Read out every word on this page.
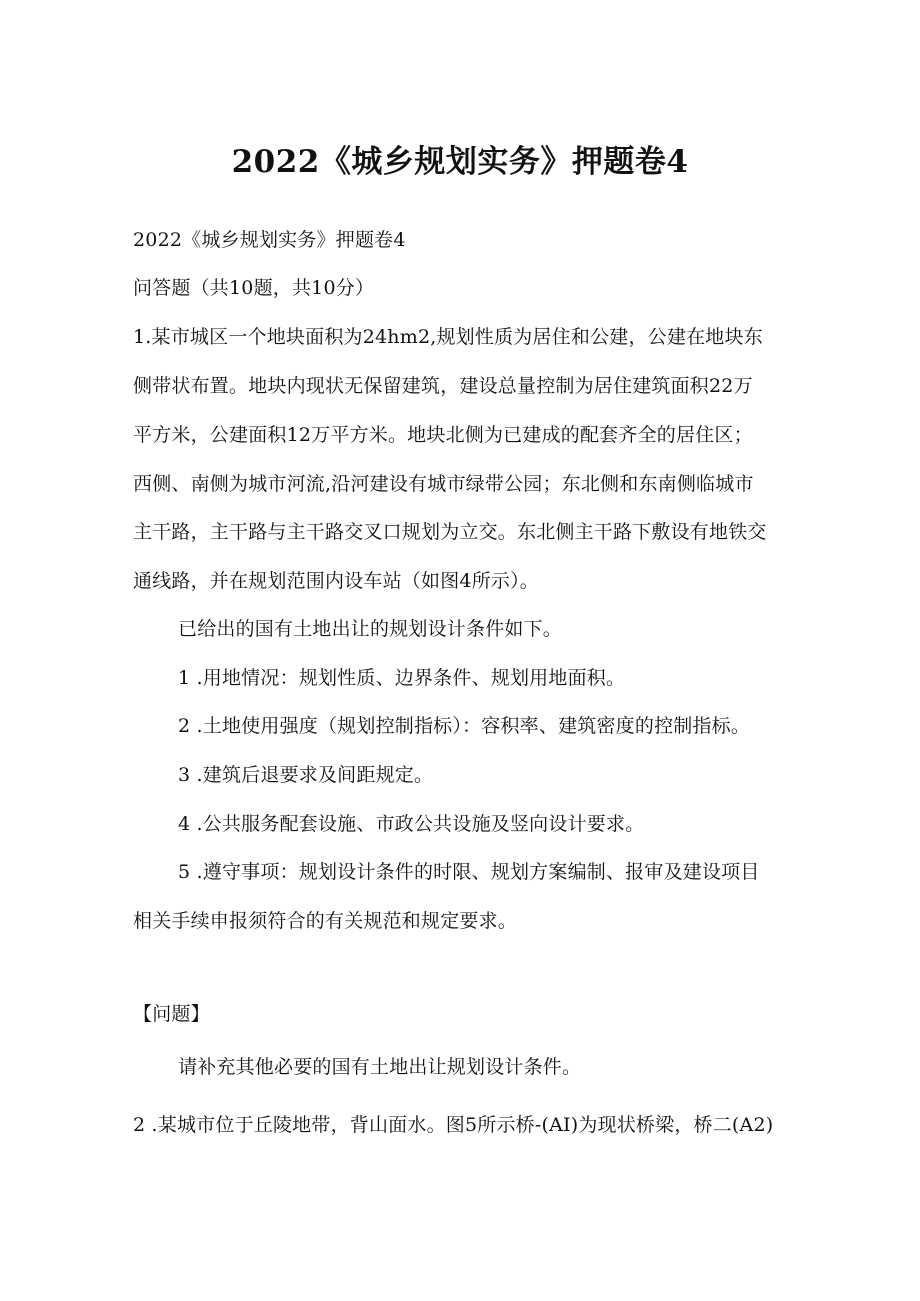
2022《城乡规划实务》押题卷4
2022《城乡规划实务》押题卷4
问答题（共10题，共10分）
1.某市城区一个地块面积为24hm2,规划性质为居住和公建，公建在地块东
侧带状布置。地块内现状无保留建筑，建设总量控制为居住建筑面积22万
平方米，公建面积12万平方米。地块北侧为已建成的配套齐全的居住区；
西侧、南侧为城市河流,沿河建设有城市绿带公园；东北侧和东南侧临城市
主干路，主干路与主干路交叉口规划为立交。东北侧主干路下敷设有地铁交
通线路，并在规划范围内设车站（如图4所示）。
已给出的国有土地出让的规划设计条件如下。
1 .用地情况：规划性质、边界条件、规划用地面积。
2 .土地使用强度（规划控制指标）：容积率、建筑密度的控制指标。
3 .建筑后退要求及间距规定。
4 .公共服务配套设施、市政公共设施及竖向设计要求。
5 .遵守事项：规划设计条件的时限、规划方案编制、报审及建设项目
相关手续申报须符合的有关规范和规定要求。
【问题】
请补充其他必要的国有土地出让规划设计条件。
2 .某城市位于丘陵地带，背山面水。图5所示桥-(AI)为现状桥梁，桥二(A2)
